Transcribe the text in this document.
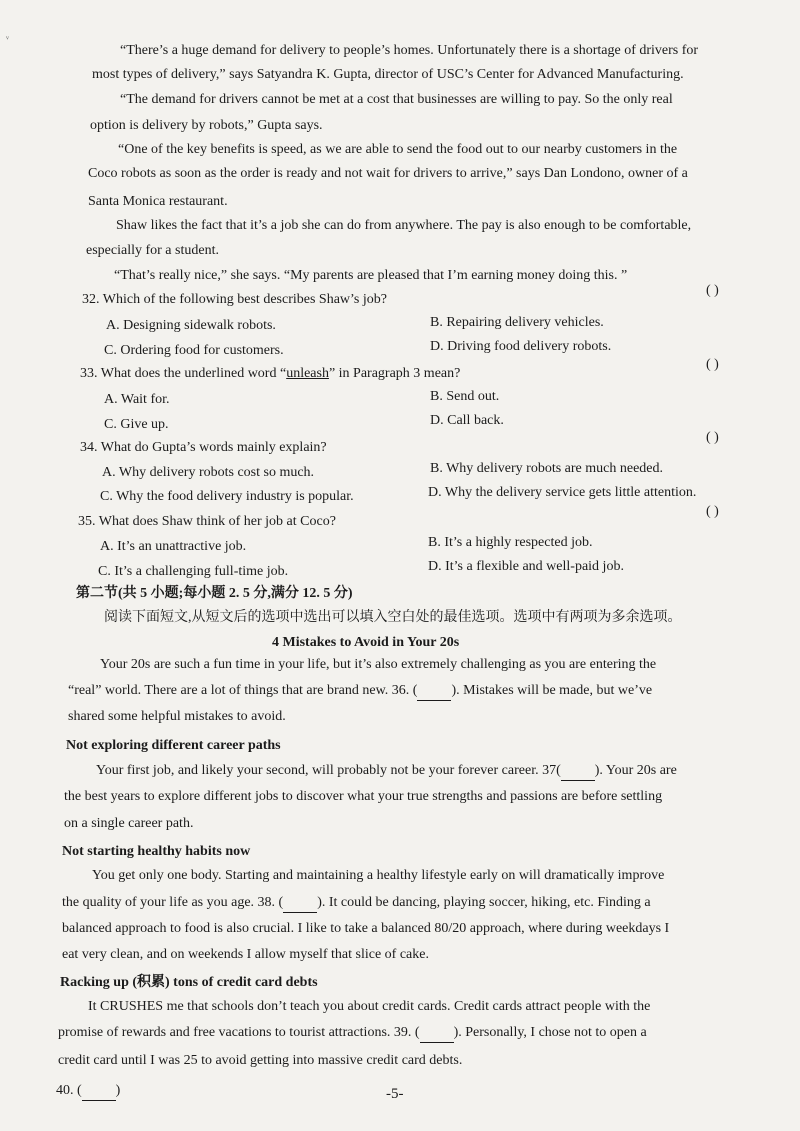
ᵛ
“There’s a huge demand for delivery to people’s homes. Unfortunately there is a shortage of drivers for
most types of delivery,” says Satyandra K. Gupta, director of USC’s Center for Advanced Manufacturing.
“The demand for drivers cannot be met at a cost that businesses are willing to pay. So the only real
option is delivery by robots,” Gupta says.
“One of the key benefits is speed, as we are able to send the food out to our nearby customers in the
Coco robots as soon as the order is ready and not wait for drivers to arrive,” says Dan Londono, owner of a
Santa Monica restaurant.
Shaw likes the fact that it’s a job she can do from anywhere. The pay is also enough to be comfortable,
especially for a student.
“That’s really nice,” she says. “My parents are pleased that I’m earning money doing this. ”
32. Which of the following best describes Shaw’s job?
( )
A. Designing sidewalk robots.	B. Repairing delivery vehicles.
C. Ordering food for customers.	D. Driving food delivery robots.
33. What does the underlined word “unleash” in Paragraph 3 mean?
( )
A. Wait for.	B. Send out.
C. Give up.	D. Call back.
34. What do Gupta’s words mainly explain?
( )
A. Why delivery robots cost so much.	B. Why delivery robots are much needed.
C. Why the food delivery industry is popular.	D. Why the delivery service gets little attention.
35. What does Shaw think of her job at Coco?
( )
A. It’s an unattractive job.	B. It’s a highly respected job.
C. It’s a challenging full-time job.	D. It’s a flexible and well-paid job.
第二节(共 5 小题;每小题 2. 5 分,满分 12. 5 分)
阅读下面短文,从短文后的选项中选出可以填入空白处的最佳选项。选项中有两项为多余选项。
4 Mistakes to Avoid in Your 20s
Your 20s are such a fun time in your life, but it’s also extremely challenging as you are entering the
“real” world. There are a lot of things that are brand new. 36. ( ). Mistakes will be made, but we’ve
shared some helpful mistakes to avoid.
Not exploring different career paths
Your first job, and likely your second, will probably not be your forever career. 37( ). Your 20s are
the best years to explore different jobs to discover what your true strengths and passions are before settling
on a single career path.
Not starting healthy habits now
You get only one body. Starting and maintaining a healthy lifestyle early on will dramatically improve
the quality of your life as you age. 38. ( ). It could be dancing, playing soccer, hiking, etc. Finding a
balanced approach to food is also crucial. I like to take a balanced 80/20 approach, where during weekdays I
eat very clean, and on weekends I allow myself that slice of cake.
Racking up (积累) tons of credit card debts
It CRUSHES me that schools don’t teach you about credit cards. Credit cards attract people with the
promise of rewards and free vacations to tourist attractions. 39. ( ). Personally, I chose not to open a
credit card until I was 25 to avoid getting into massive credit card debts.
40. ( )	-5-
